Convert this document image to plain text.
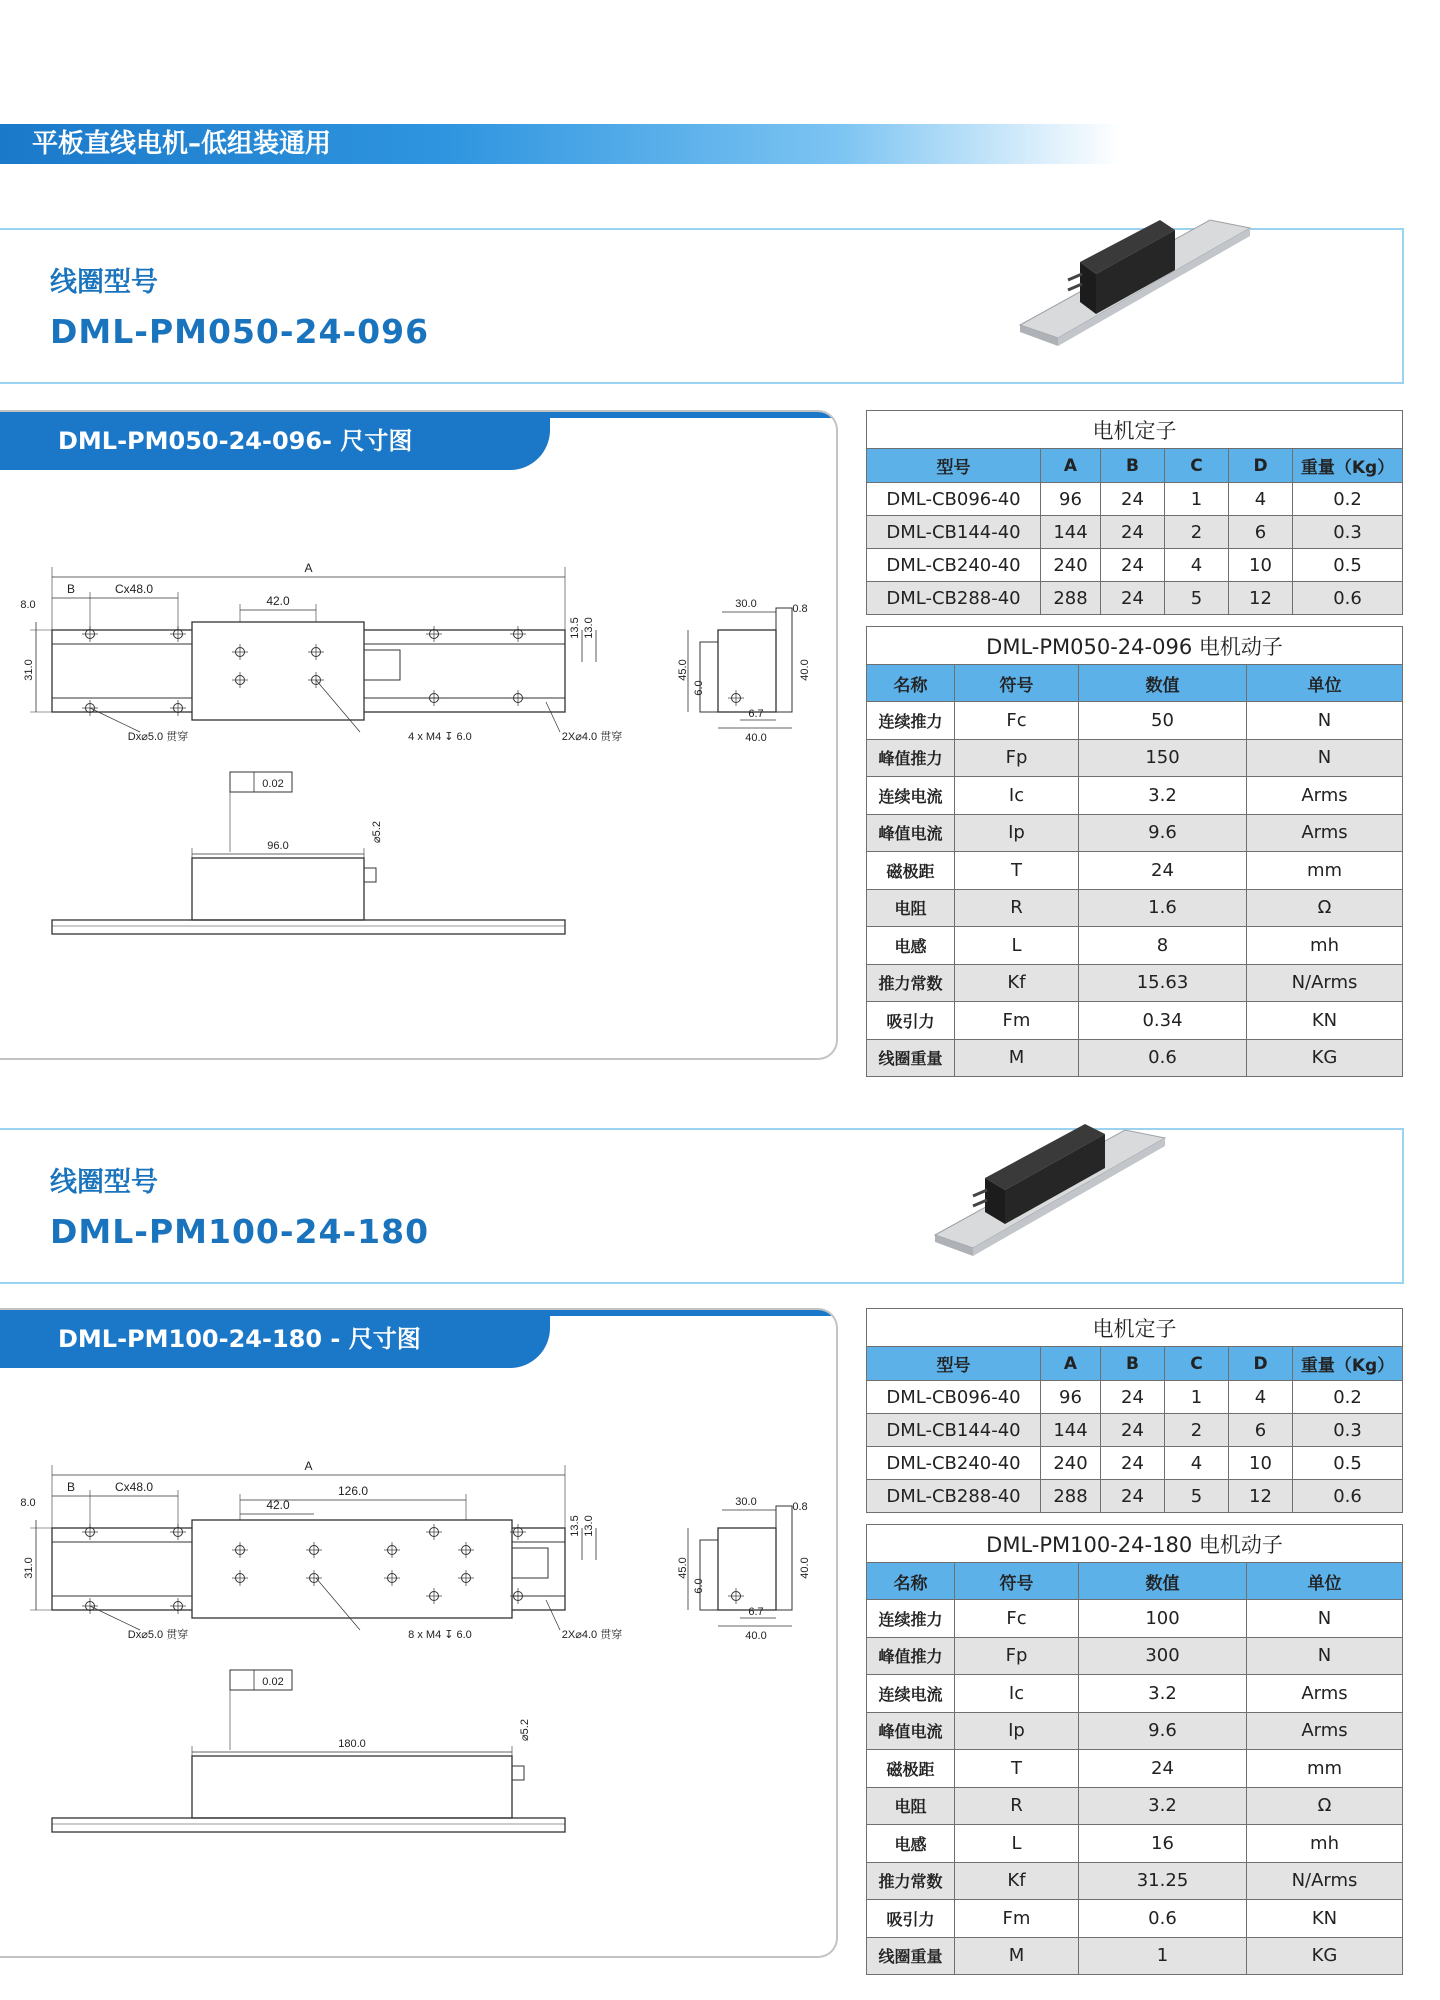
平板直线电机–低组装通用
线圈型号
DML-PM050-24-096
DML-PM050-24-096- 尺寸图
A
B	Cx48.0
42.0
8.0
31.0
13.5 13.0
Dx⌀5.0 贯穿	4 x M4 ↧ 6.0	2X⌀4.0 贯穿
30.0	0.8
45.0
6.0
6.7
40.0
40.0
0.02
96.0
⌀5.2
电机定子					
型号	A	B	C	D	重量（Kg）
DML-CB096-40	96	24	1	4	0.2
DML-CB144-40	144	24	2	6	0.3
DML-CB240-40	240	24	4	10	0.5
DML-CB288-40	288	24	5	12	0.6
DML-PM050-24-096 电机动子			
名称	符号	数值	单位
连续推力	Fc	50	N
峰值推力	Fp	150	N
连续电流	Ic	3.2	Arms
峰值电流	Ip	9.6	Arms
磁极距	T	24	mm
电阻	R	1.6	Ω
电感	L	8	mh
推力常数	Kf	15.63	N/Arms
吸引力	Fm	0.34	KN
线圈重量	M	0.6	KG
线圈型号
DML-PM100-24-180
DML-PM100-24-180 - 尺寸图
A
B	Cx48.0	126.0
42.0
8.0
31.0
13.5 13.0
Dx⌀5.0 贯穿	8 x M4 ↧ 6.0	2X⌀4.0 贯穿
30.0	0.8
45.0
6.0
6.7
40.0
40.0
0.02
180.0
⌀5.2
电机定子					
型号	A	B	C	D	重量（Kg）
DML-CB096-40	96	24	1	4	0.2
DML-CB144-40	144	24	2	6	0.3
DML-CB240-40	240	24	4	10	0.5
DML-CB288-40	288	24	5	12	0.6
DML-PM100-24-180 电机动子			
名称	符号	数值	单位
连续推力	Fc	100	N
峰值推力	Fp	300	N
连续电流	Ic	3.2	Arms
峰值电流	Ip	9.6	Arms
磁极距	T	24	mm
电阻	R	3.2	Ω
电感	L	16	mh
推力常数	Kf	31.25	N/Arms
吸引力	Fm	0.6	KN
线圈重量	M	1	KG
